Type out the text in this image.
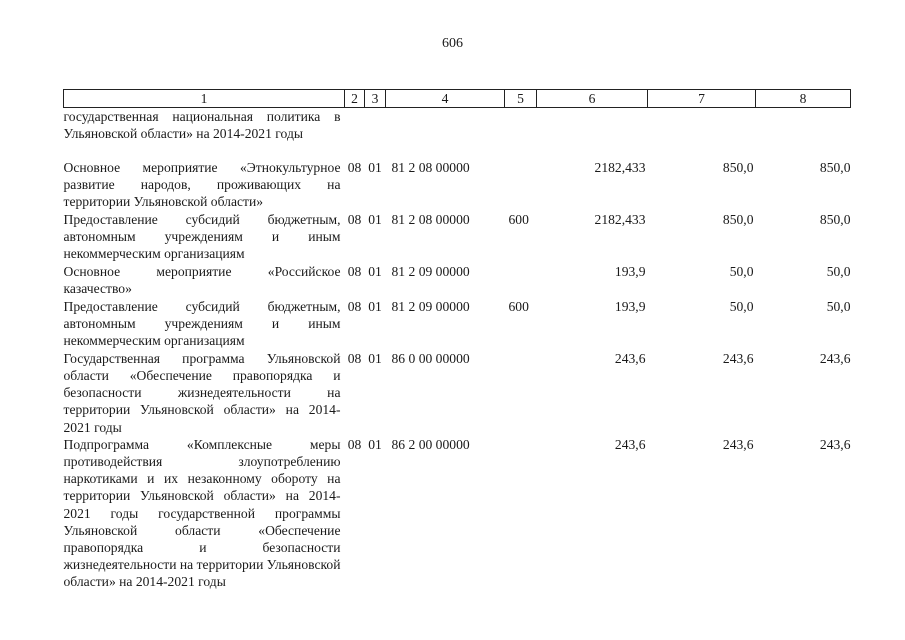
606
1	2	3	4	5	6	7	8
государственная национальная политика в Ульяновской области» на 2014-2021 годы							
Основное мероприятие «Этнокультурное развитие народов, проживающих на территории Ульяновской области»	08	01	81 2 08 00000		2182,433	850,0	850,0
Предоставление субсидий бюджетным, автономным учреждениям и иным некоммерческим организациям	08	01	81 2 08 00000	600	2182,433	850,0	850,0
Основное мероприятие «Российское казачество»	08	01	81 2 09 00000		193,9	50,0	50,0
Предоставление субсидий бюджетным, автономным учреждениям и иным некоммерческим организациям	08	01	81 2 09 00000	600	193,9	50,0	50,0
Государственная программа Ульяновской области «Обеспечение правопорядка и безопасности жизнедеятельности на территории Ульяновской области» на 2014-2021 годы	08	01	86 0 00 00000		243,6	243,6	243,6
Подпрограмма «Комплексные меры противодействия злоупотреблению наркотиками и их незаконному обороту на территории Ульяновской области» на 2014-2021 годы государственной программы Ульяновской области «Обеспечение правопорядка и безопасности жизнедеятельности на территории Ульяновской области» на 2014-2021 годы	08	01	86 2 00 00000		243,6	243,6	243,6
